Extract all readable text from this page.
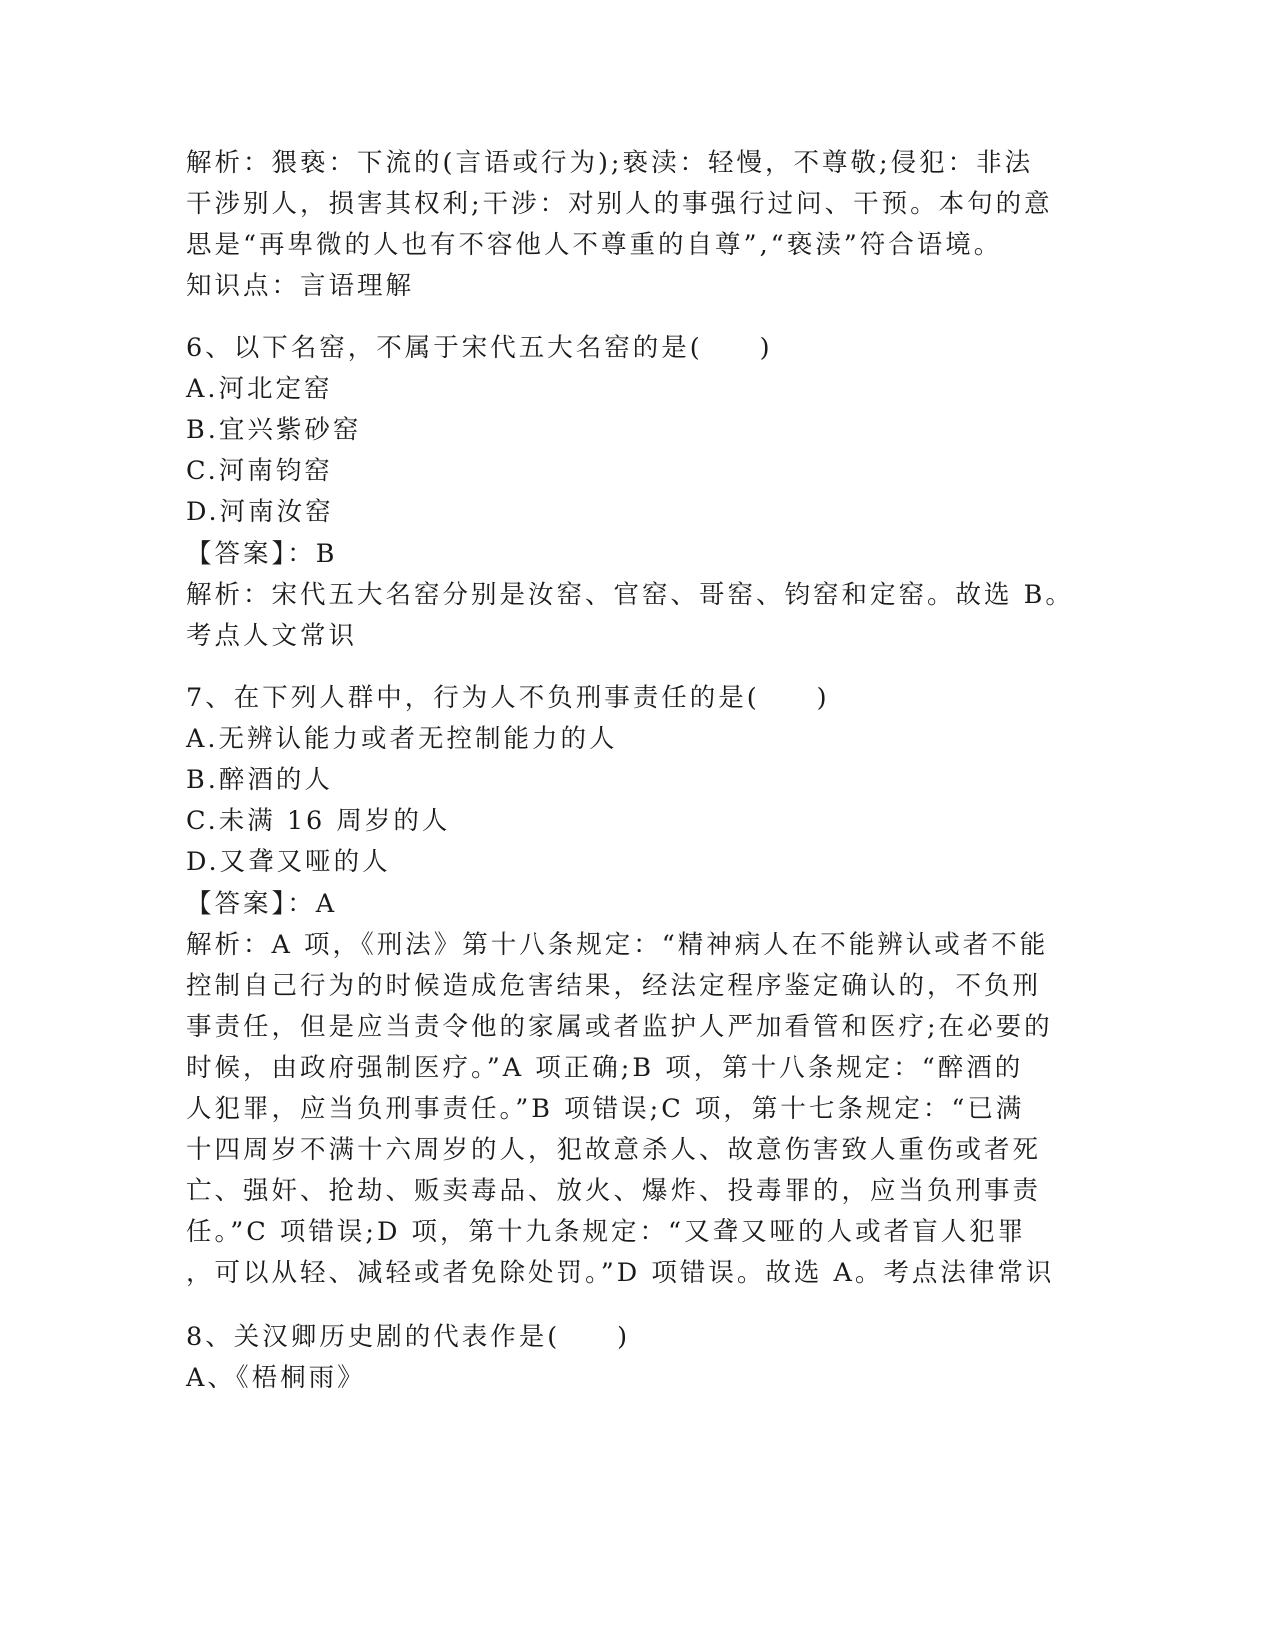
解析：猥亵：下流的(言语或行为);亵渎：轻慢，不尊敬;侵犯：非法
干涉别人，损害其权利;干涉：对别人的事强行过问、干预。本句的意
思是“再卑微的人也有不容他人不尊重的自尊”,“亵渎”符合语境。
知识点：言语理解
6、以下名窑，不属于宋代五大名窑的是(　　)
A.河北定窑
B.宜兴紫砂窑
C.河南钧窑
D.河南汝窑
【答案】：B
解析：宋代五大名窑分别是汝窑、官窑、哥窑、钧窑和定窑。故选 B。
考点人文常识
7、在下列人群中，行为人不负刑事责任的是(　　)
A.无辨认能力或者无控制能力的人
B.醉酒的人
C.未满 16 周岁的人
D.又聋又哑的人
【答案】：A
解析：A 项，《刑法》第十八条规定：“精神病人在不能辨认或者不能
控制自己行为的时候造成危害结果，经法定程序鉴定确认的，不负刑
事责任，但是应当责令他的家属或者监护人严加看管和医疗;在必要的
时候，由政府强制医疗。”A 项正确;B 项，第十八条规定：“醉酒的
人犯罪，应当负刑事责任。”B 项错误;C 项，第十七条规定：“已满
十四周岁不满十六周岁的人，犯故意杀人、故意伤害致人重伤或者死
亡、强奸、抢劫、贩卖毒品、放火、爆炸、投毒罪的，应当负刑事责
任。”C 项错误;D 项，第十九条规定：“又聋又哑的人或者盲人犯罪
，可以从轻、减轻或者免除处罚。”D 项错误。故选 A。考点法律常识
8、关汉卿历史剧的代表作是(　　)
A、《梧桐雨》
